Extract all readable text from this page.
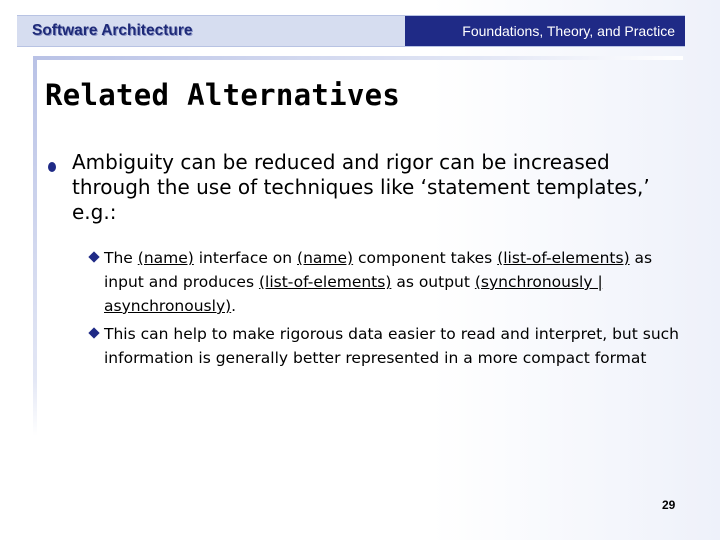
Software Architecture	Foundations, Theory, and Practice
Related Alternatives
Ambiguity can be reduced and rigor can be increased through the use of techniques like ‘statement templates,’ e.g.:
The (name) interface on (name) component takes (list-of-elements) as input and produces (list-of-elements) as output (synchronously | asynchronously).
This can help to make rigorous data easier to read and interpret, but such information is generally better represented in a more compact format
29
